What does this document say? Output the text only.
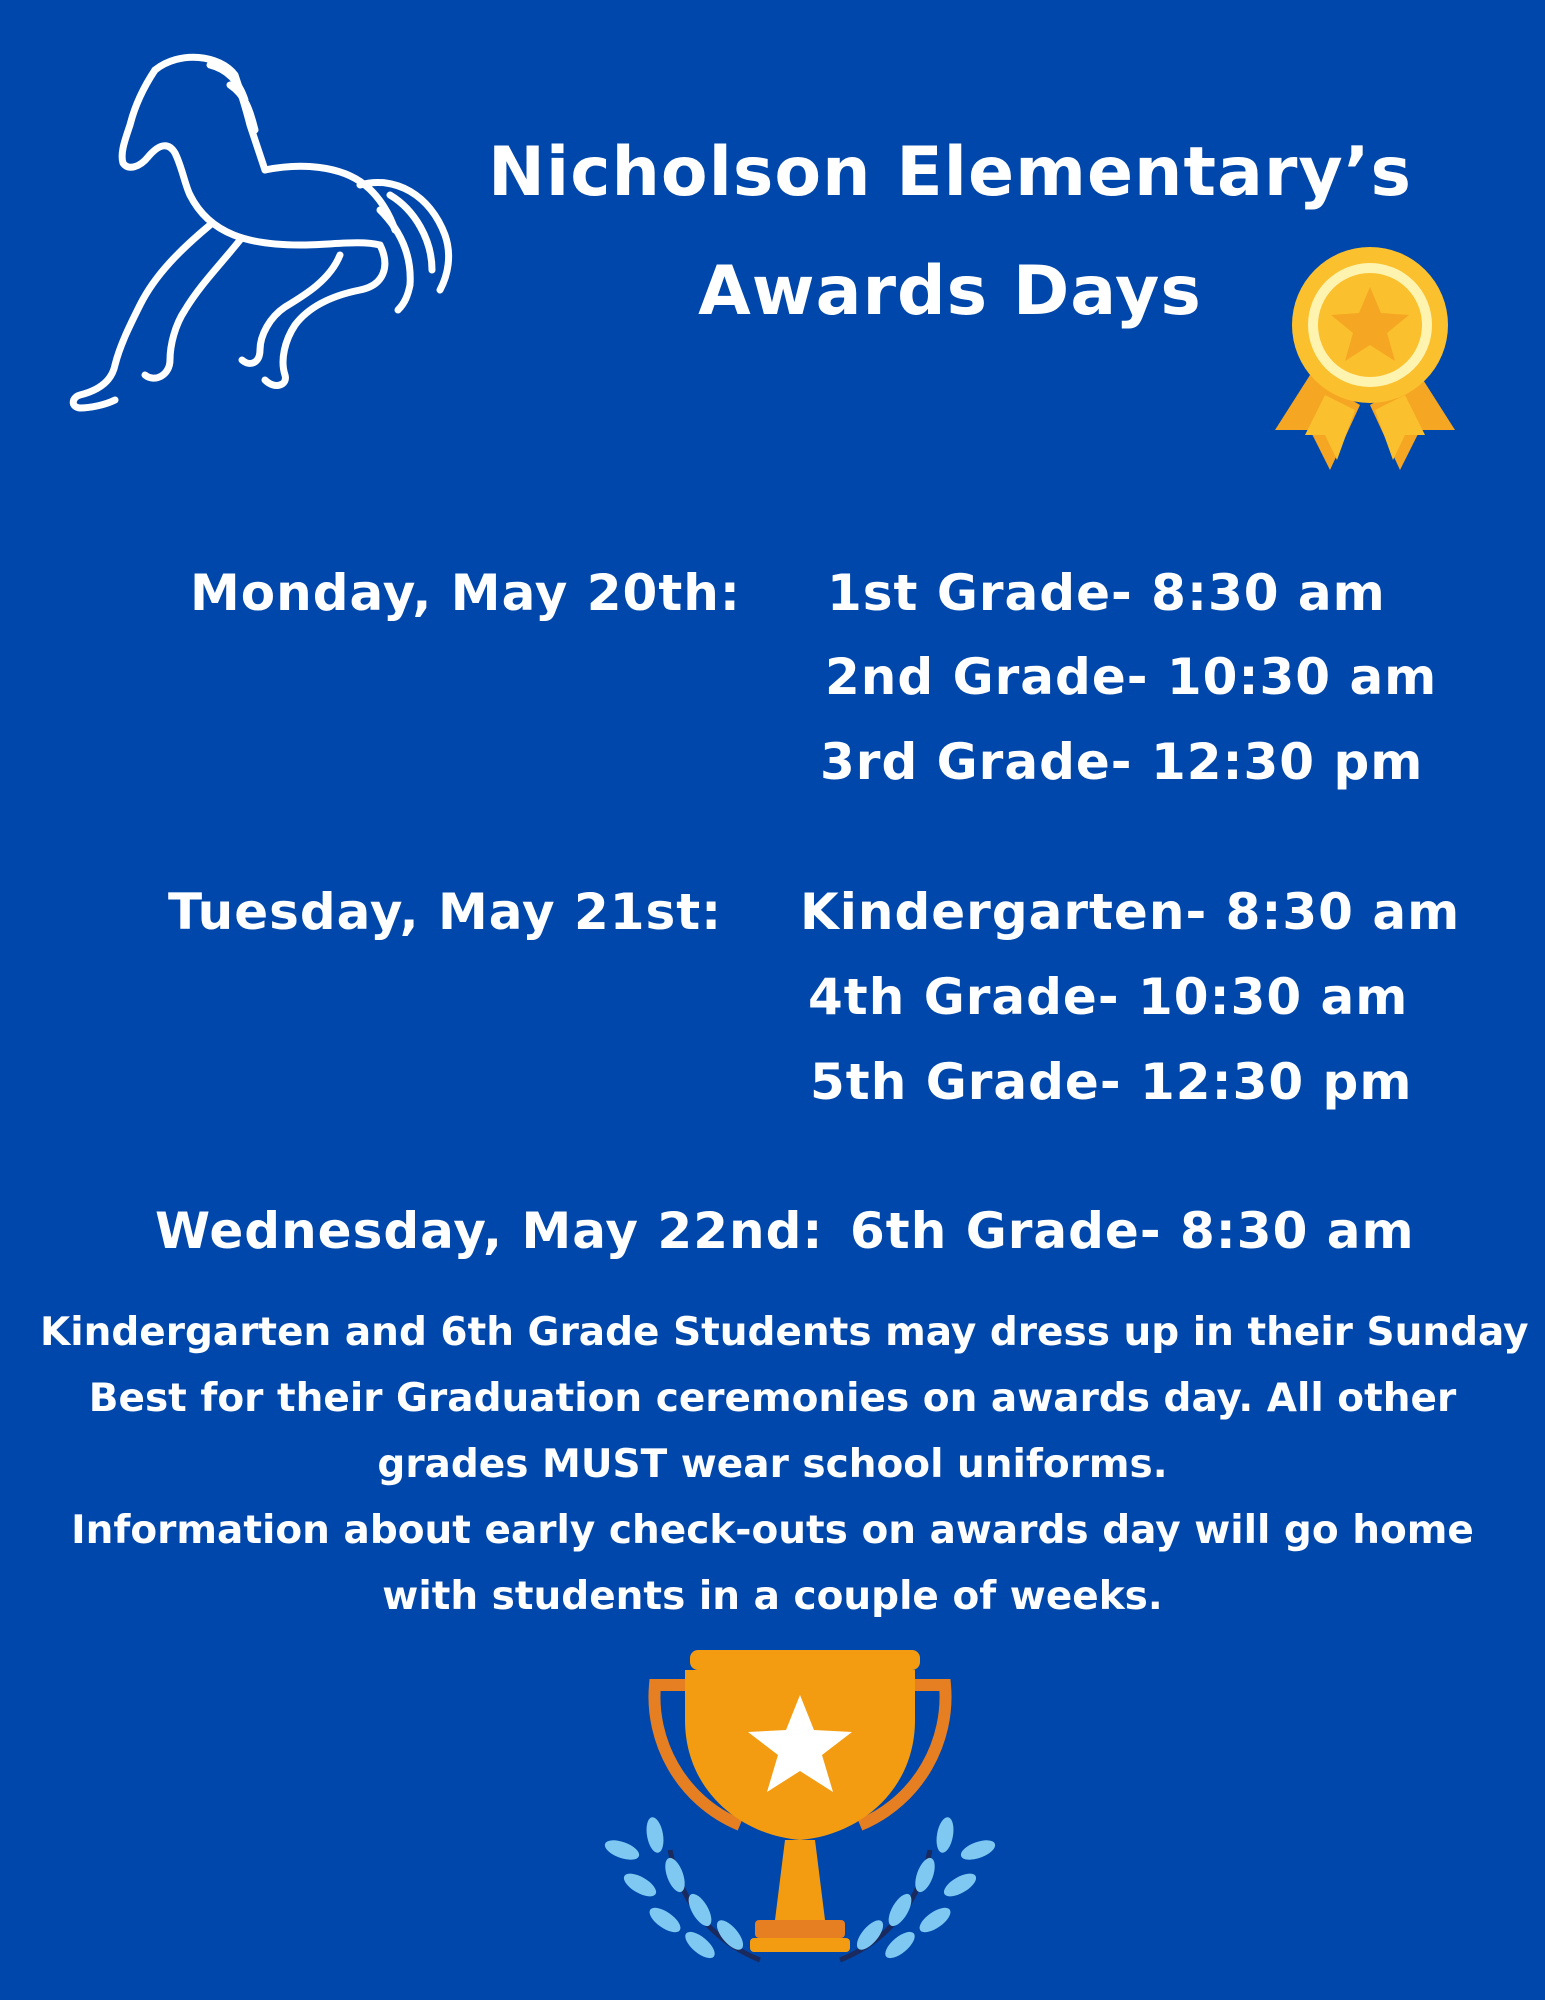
Nicholson Elementary’s
Awards Days
Monday, May 20th: 1st Grade- 8:30 am
2nd Grade- 10:30 am
3rd Grade- 12:30 pm
Tuesday, May 21st: Kindergarten- 8:30 am
4th Grade- 10:30 am
5th Grade- 12:30 pm
Wednesday, May 22nd: 6th Grade- 8:30 am
Kindergarten and 6th Grade Students may dress up in their Sunday
Best for their Graduation ceremonies on awards day. All other
grades MUST wear school uniforms.
Information about early check-outs on awards day will go home
with students in a couple of weeks.
